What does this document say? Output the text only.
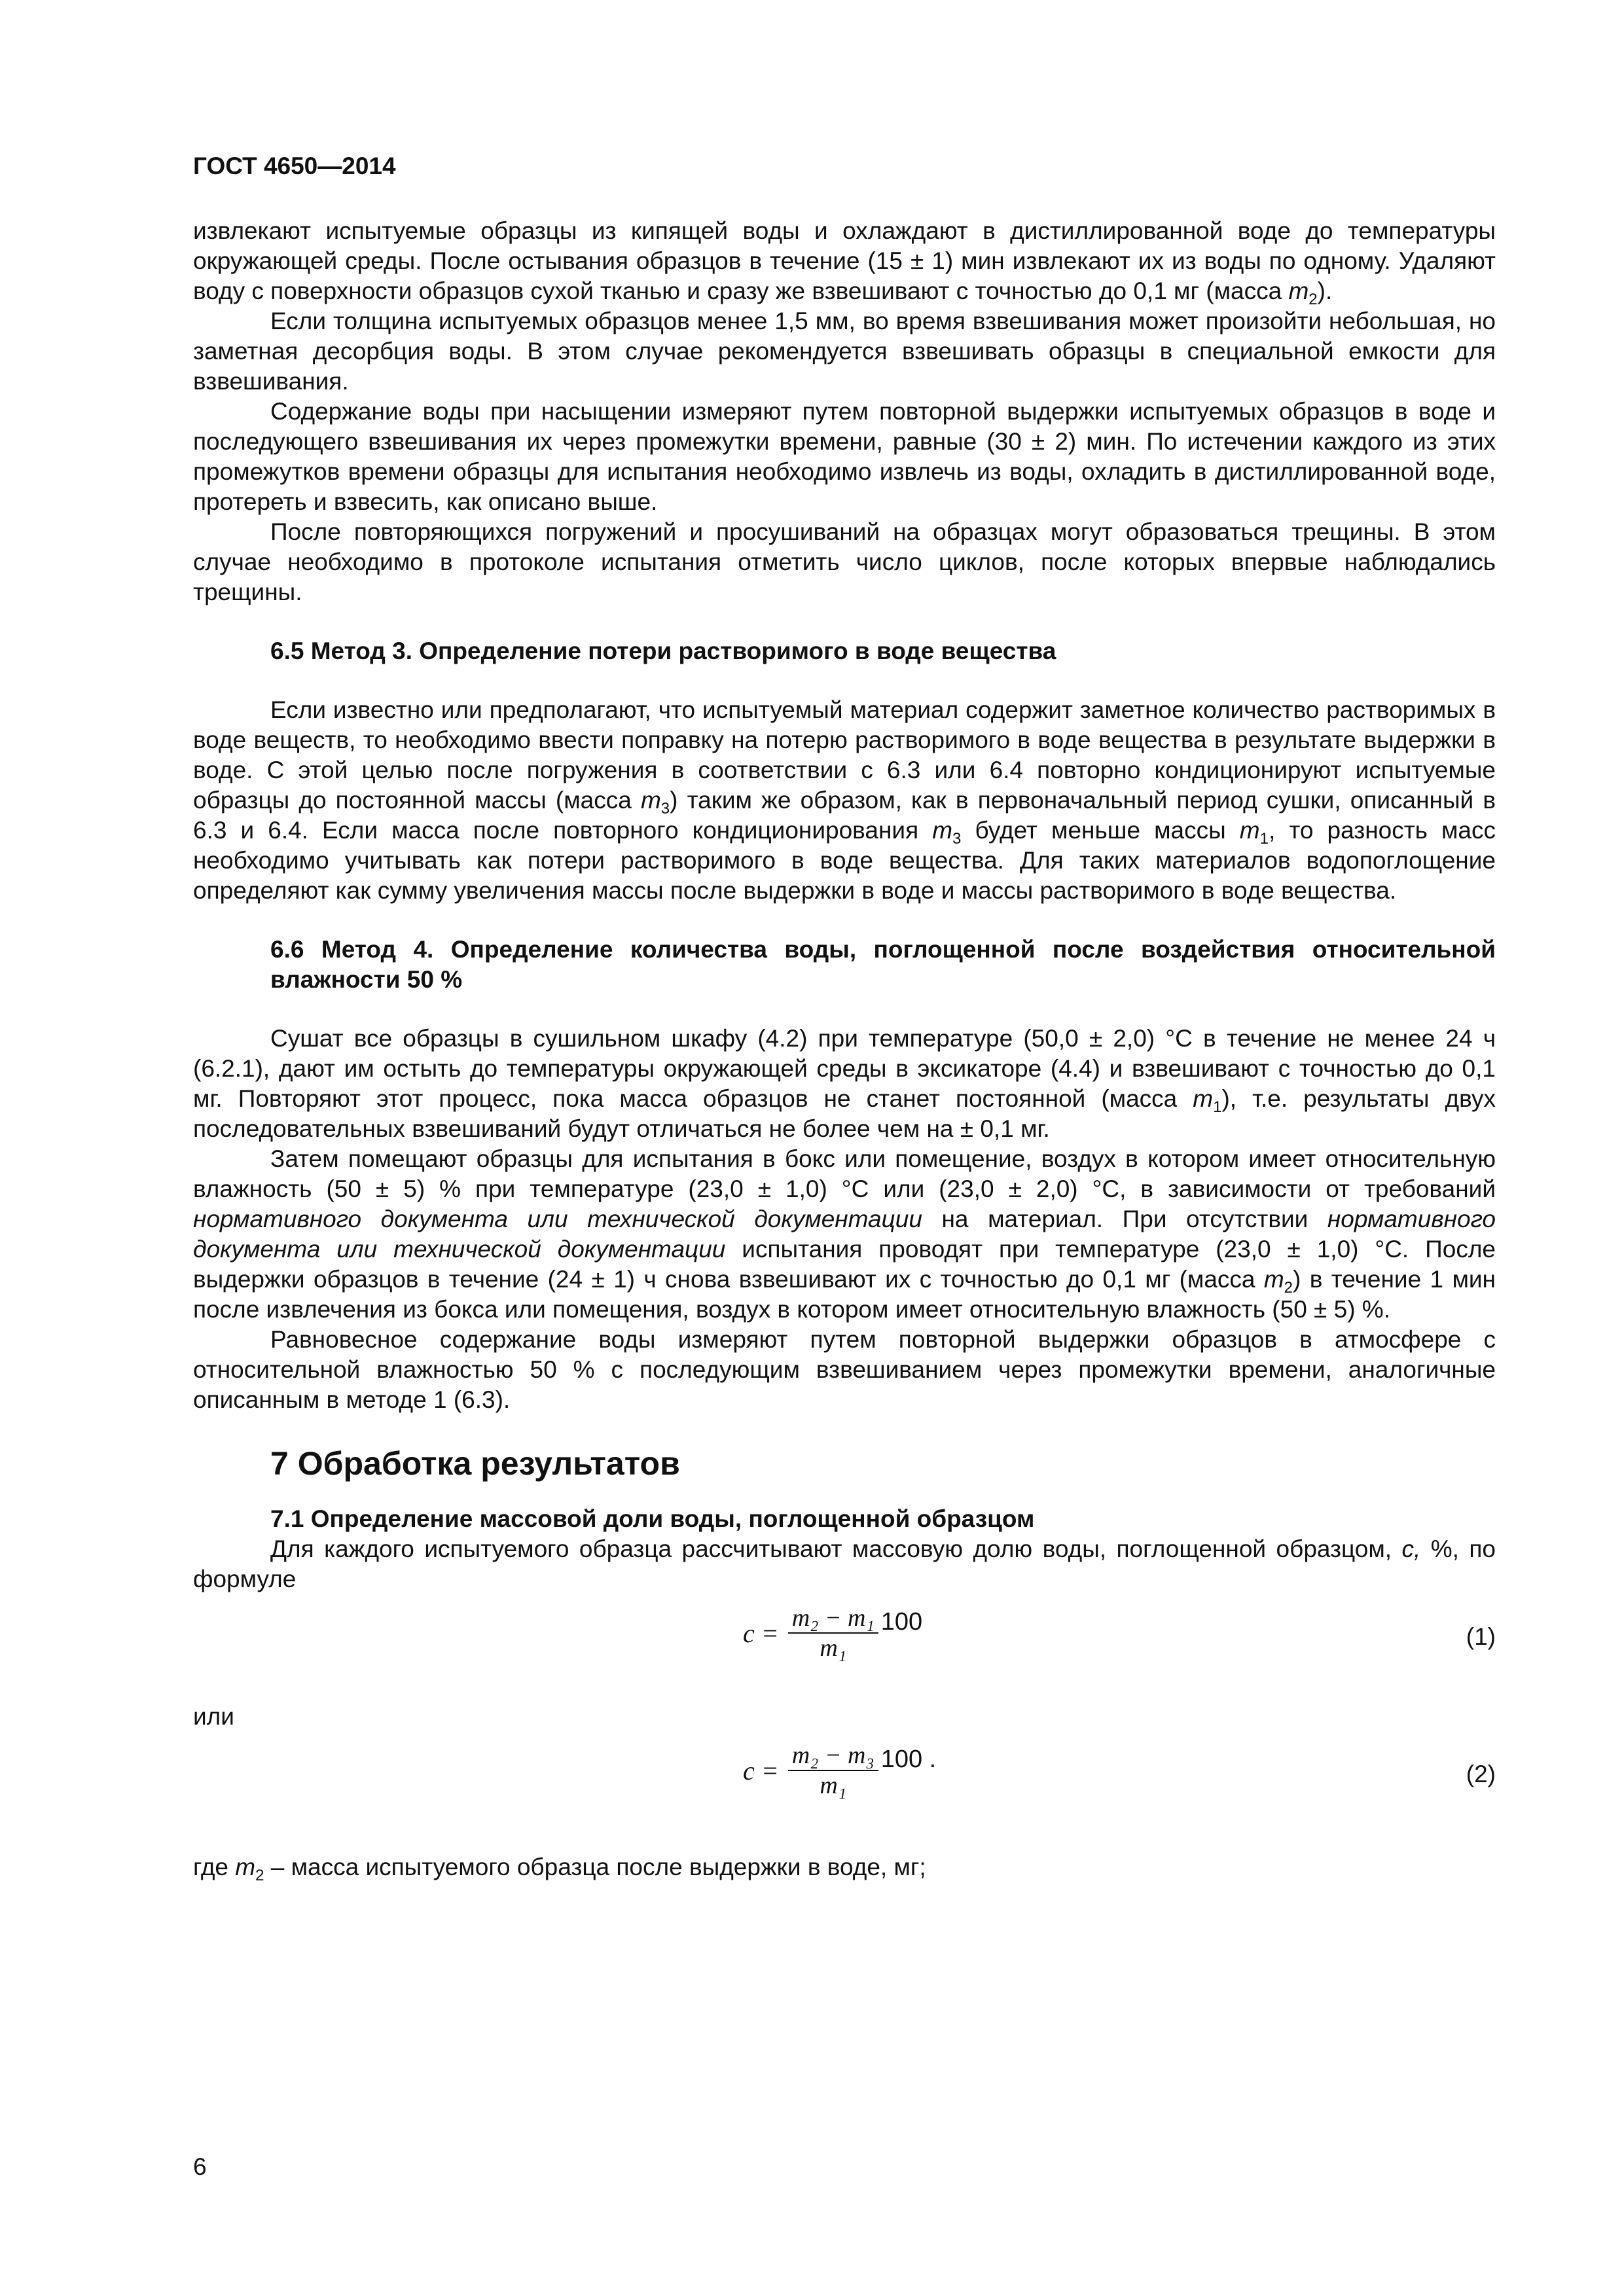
ГОСТ 4650—2014

извлекают испытуемые образцы из кипящей воды и охлаждают в дистиллированной воде до температуры окружающей среды. После остывания образцов в течение (15 ± 1) мин извлекают их из воды по одному. Удаляют воду с поверхности образцов сухой тканью и сразу же взвешивают с точностью до 0,1 мг (масса $m_2$).

Если толщина испытуемых образцов менее 1,5 мм, во время взвешивания может произойти небольшая, но заметная десорбция воды. В этом случае рекомендуется взвешивать образцы в специальной емкости для взвешивания.

Содержание воды при насыщении измеряют путем повторной выдержки испытуемых образцов в воде и последующего взвешивания их через промежутки времени, равные (30 ± 2) мин. По истечении каждого из этих промежутков времени образцы для испытания необходимо извлечь из воды, охладить в дистиллированной воде, протереть и взвесить, как описано выше.

После повторяющихся погружений и просушиваний на образцах могут образоваться трещины. В этом случае необходимо в протоколе испытания отметить число циклов, после которых впервые наблюдались трещины.

6.5 Метод 3. Определение потери растворимого в воде вещества

Если известно или предполагают, что испытуемый материал содержит заметное количество растворимых в воде веществ, то необходимо ввести поправку на потерю растворимого в воде вещества в результате выдержки в воде. С этой целью после погружения в соответствии с 6.3 или 6.4 повторно кондиционируют испытуемые образцы до постоянной массы (масса $m_3$) таким же образом, как в первоначальный период сушки, описанный в 6.3 и 6.4. Если масса после повторного кондиционирования $m_3$ будет меньше массы $m_1$, то разность масс необходимо учитывать как потери растворимого в воде вещества. Для таких материалов водопоглощение определяют как сумму увеличения массы после выдержки в воде и массы растворимого в воде вещества.

6.6 Метод 4. Определение количества воды, поглощенной после воздействия относительной влажности 50 %

Сушат все образцы в сушильном шкафу (4.2) при температуре (50,0 ± 2,0) °С в течение не менее 24 ч (6.2.1), дают им остыть до температуры окружающей среды в эксикаторе (4.4) и взвешивают с точностью до 0,1 мг. Повторяют этот процесс, пока масса образцов не станет постоянной (масса $m_1$), т.е. результаты двух последовательных взвешиваний будут отличаться не более чем на ± 0,1 мг.

Затем помещают образцы для испытания в бокс или помещение, воздух в котором имеет относительную влажность (50 ± 5) % при температуре (23,0 ± 1,0) °С или (23,0 ± 2,0) °С, в зависимости от требований нормативного документа или технической документации на материал. При отсутствии нормативного документа или технической документации испытания проводят при температуре (23,0 ± 1,0) °С. После выдержки образцов в течение (24 ± 1) ч снова взвешивают их с точностью до 0,1 мг (масса $m_2$) в течение 1 мин после извлечения из бокса или помещения, воздух в котором имеет относительную влажность (50 ± 5) %.

Равновесное содержание воды измеряют путем повторной выдержки образцов в атмосфере с относительной влажностью 50 % с последующим взвешиванием через промежутки времени, аналогичные описанным в методе 1 (6.3).

7 Обработка результатов
7.1 Определение массовой доли воды, поглощенной образцом

Для каждого испытуемого образца рассчитывают массовую долю воды, поглощенной образцом, с, %, по формуле

$c = \frac{\text{m₂ − m₁}}{\text{m₁}} 100$
(1)

или

$c = \frac{\text{m₂ − m₃}}{\text{m₁}} 100$ .
(2)

где $m_2$ – масса испытуемого образца после выдержки в воде, мг;

6
